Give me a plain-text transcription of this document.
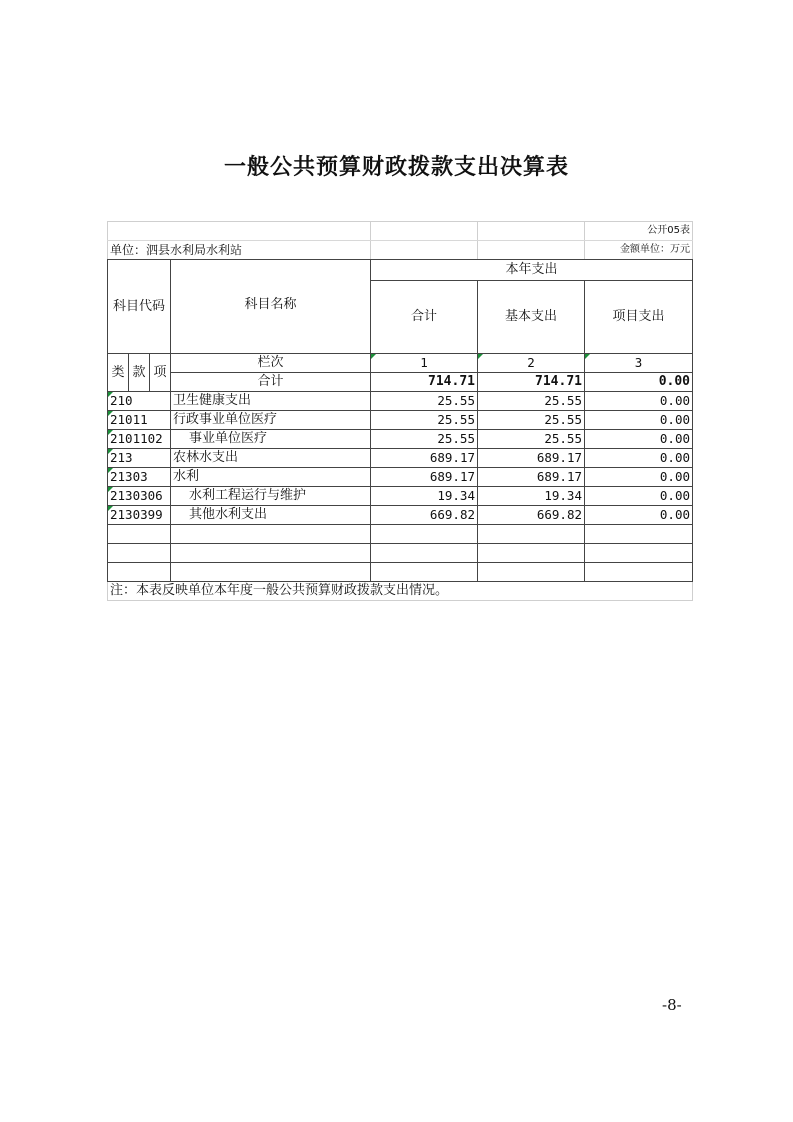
一般公共预算财政拨款支出决算表
						公开05表
单位：泗县水利局水利站						金额单位：万元
科目代码			科目名称	本年支出		
				合计	基本支出	项目支出

类	款	项	栏次	1	2	3
			合计	714.71	714.71	0.00
210			卫生健康支出	25.55	25.55	0.00
21011			行政事业单位医疗	25.55	25.55	0.00
2101102			事业单位医疗	25.55	25.55	0.00
213			农林水支出	689.17	689.17	0.00
21303			水利	689.17	689.17	0.00
2130306			水利工程运行与维护	19.34	19.34	0.00
2130399			其他水利支出	669.82	669.82	0.00

注：本表反映单位本年度一般公共预算财政拨款支出情况。						
-8-
